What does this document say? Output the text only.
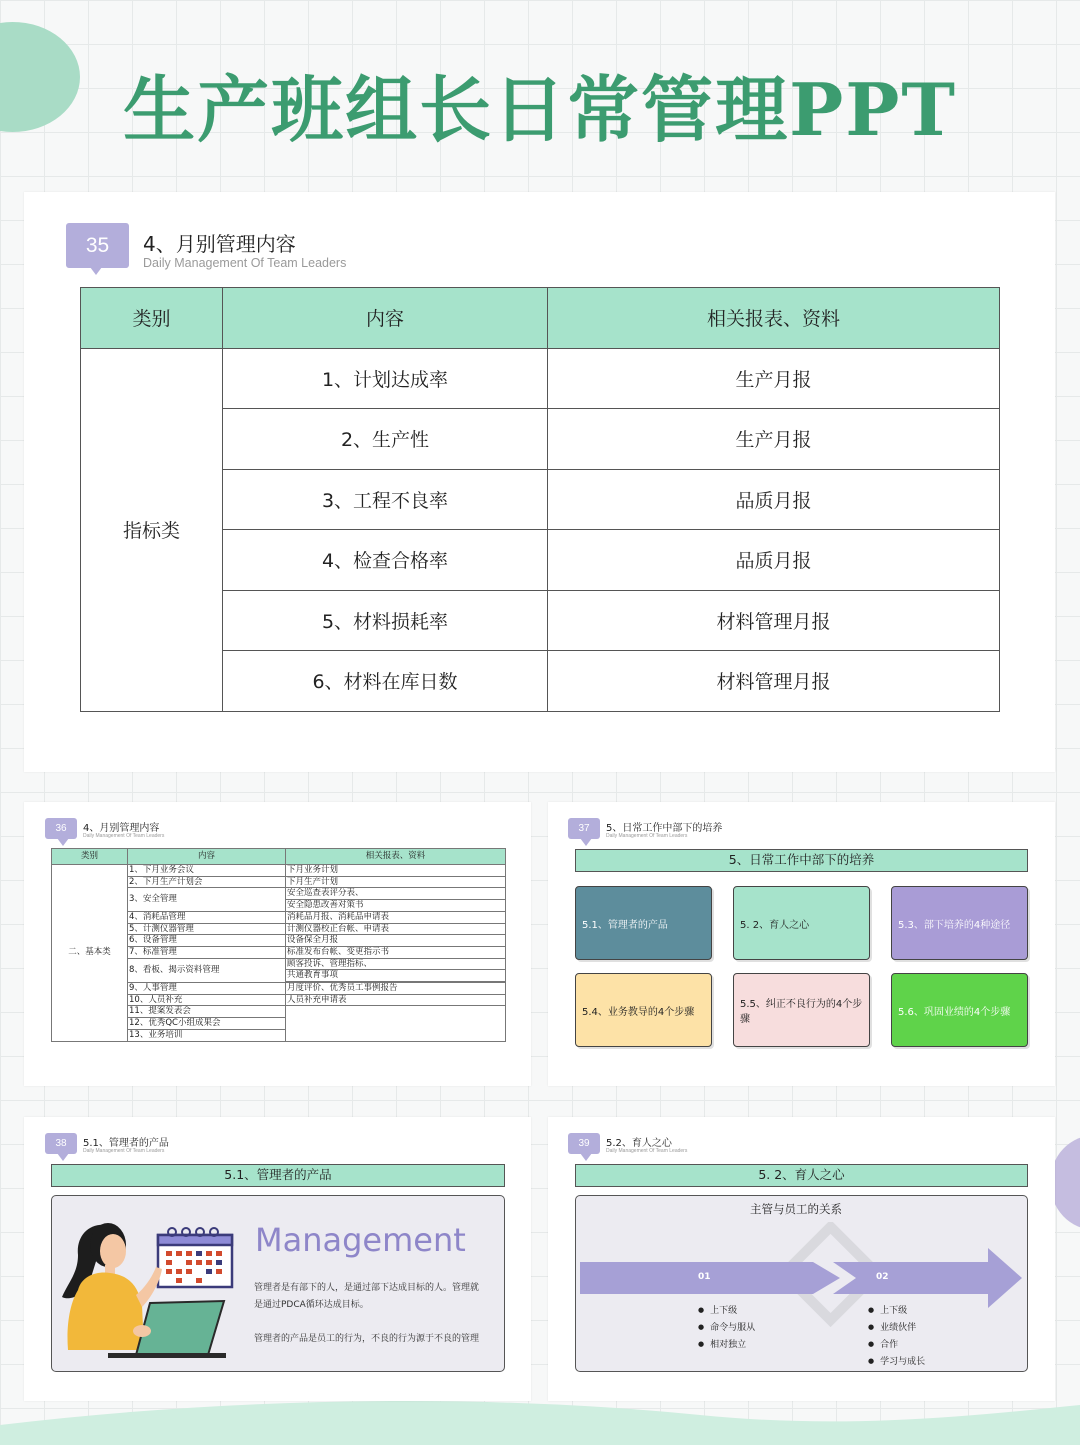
生产班组长日常管理PPT
35	4、月别管理内容
Daily Management Of Team Leaders
类别	内容	相关报表、资料
指标类	1、计划达成率	生产月报
	2、生产性	生产月报
	3、工程不良率	品质月报
	4、检查合格率	品质月报
	5、材料损耗率	材料管理月报
	6、材料在库日数	材料管理月报
36	4、月别管理内容
Daily Management Of Team Leaders
类别	内容	相关报表、资料
二、基本类	1、下月业务会议	下月业务计划
	2、下月生产计划会	下月生产计划
	3、安全管理	安全巡查表评分表、
		安全隐患改善对策书
	4、消耗品管理	消耗品月报、消耗品申请表
	5、计测仪器管理	计测仪器校正台帐、申请表
	6、设备管理	设备保全月报
	7、标准管理	标准发布台帐、变更指示书
	8、看板、揭示资料管理	顾客投诉、管理指标、
		共通教育事项

	9、人事管理	月度评价、优秀员工事例报告
	10、人员补充	人员补充申请表
	11、提案发表会	
	12、优秀QC小组成果会	
	13、业务培训	
37	5、日常工作中部下的培养
Daily Management Of Team Leaders
5、日常工作中部下的培养
5.1、管理者的产品	5. 2、育人之心	5.3、部下培养的4种途径
5.4、业务教导的4个步骤
5.5、纠正不良行为的4个步骤
5.6、巩固业绩的4个步骤
38	5.1、管理者的产品
Daily Management Of Team Leaders
5.1、管理者的产品
Management
管理者是有部下的人，是通过部下达成目标的人。管理就
是通过PDCA循环达成目标。
管理者的产品是员工的行为，不良的行为源于不良的管理
39	5.2、育人之心
Daily Management Of Team Leaders
5. 2、育人之心
主管与员工的关系
01	02
● 上下级
● 命令与服从
● 相对独立
● 上下级
● 业绩伙伴
● 合作
● 学习与成长
